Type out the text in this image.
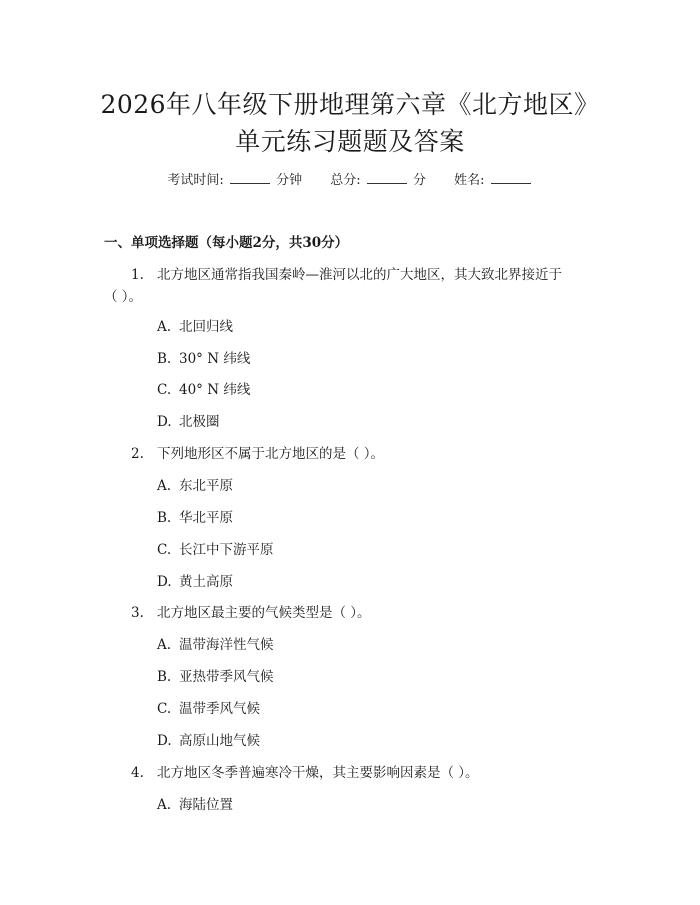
2026年八年级下册地理第六章《北方地区》
单元练习题题及答案
考试时间:	分钟 总分:	分 姓名:
一、单项选择题（每小题2分，共30分）
1. 北方地区通常指我国秦岭—淮河以北的广大地区，其大致北界接近于
（ ）。
A. 北回归线
B. 30° N 纬线
C. 40° N 纬线
D. 北极圈
2. 下列地形区不属于北方地区的是（ ）。
A. 东北平原
B. 华北平原
C. 长江中下游平原
D. 黄土高原
3. 北方地区最主要的气候类型是（ ）。
A. 温带海洋性气候
B. 亚热带季风气候
C. 温带季风气候
D. 高原山地气候
4. 北方地区冬季普遍寒冷干燥，其主要影响因素是（ ）。
A. 海陆位置
